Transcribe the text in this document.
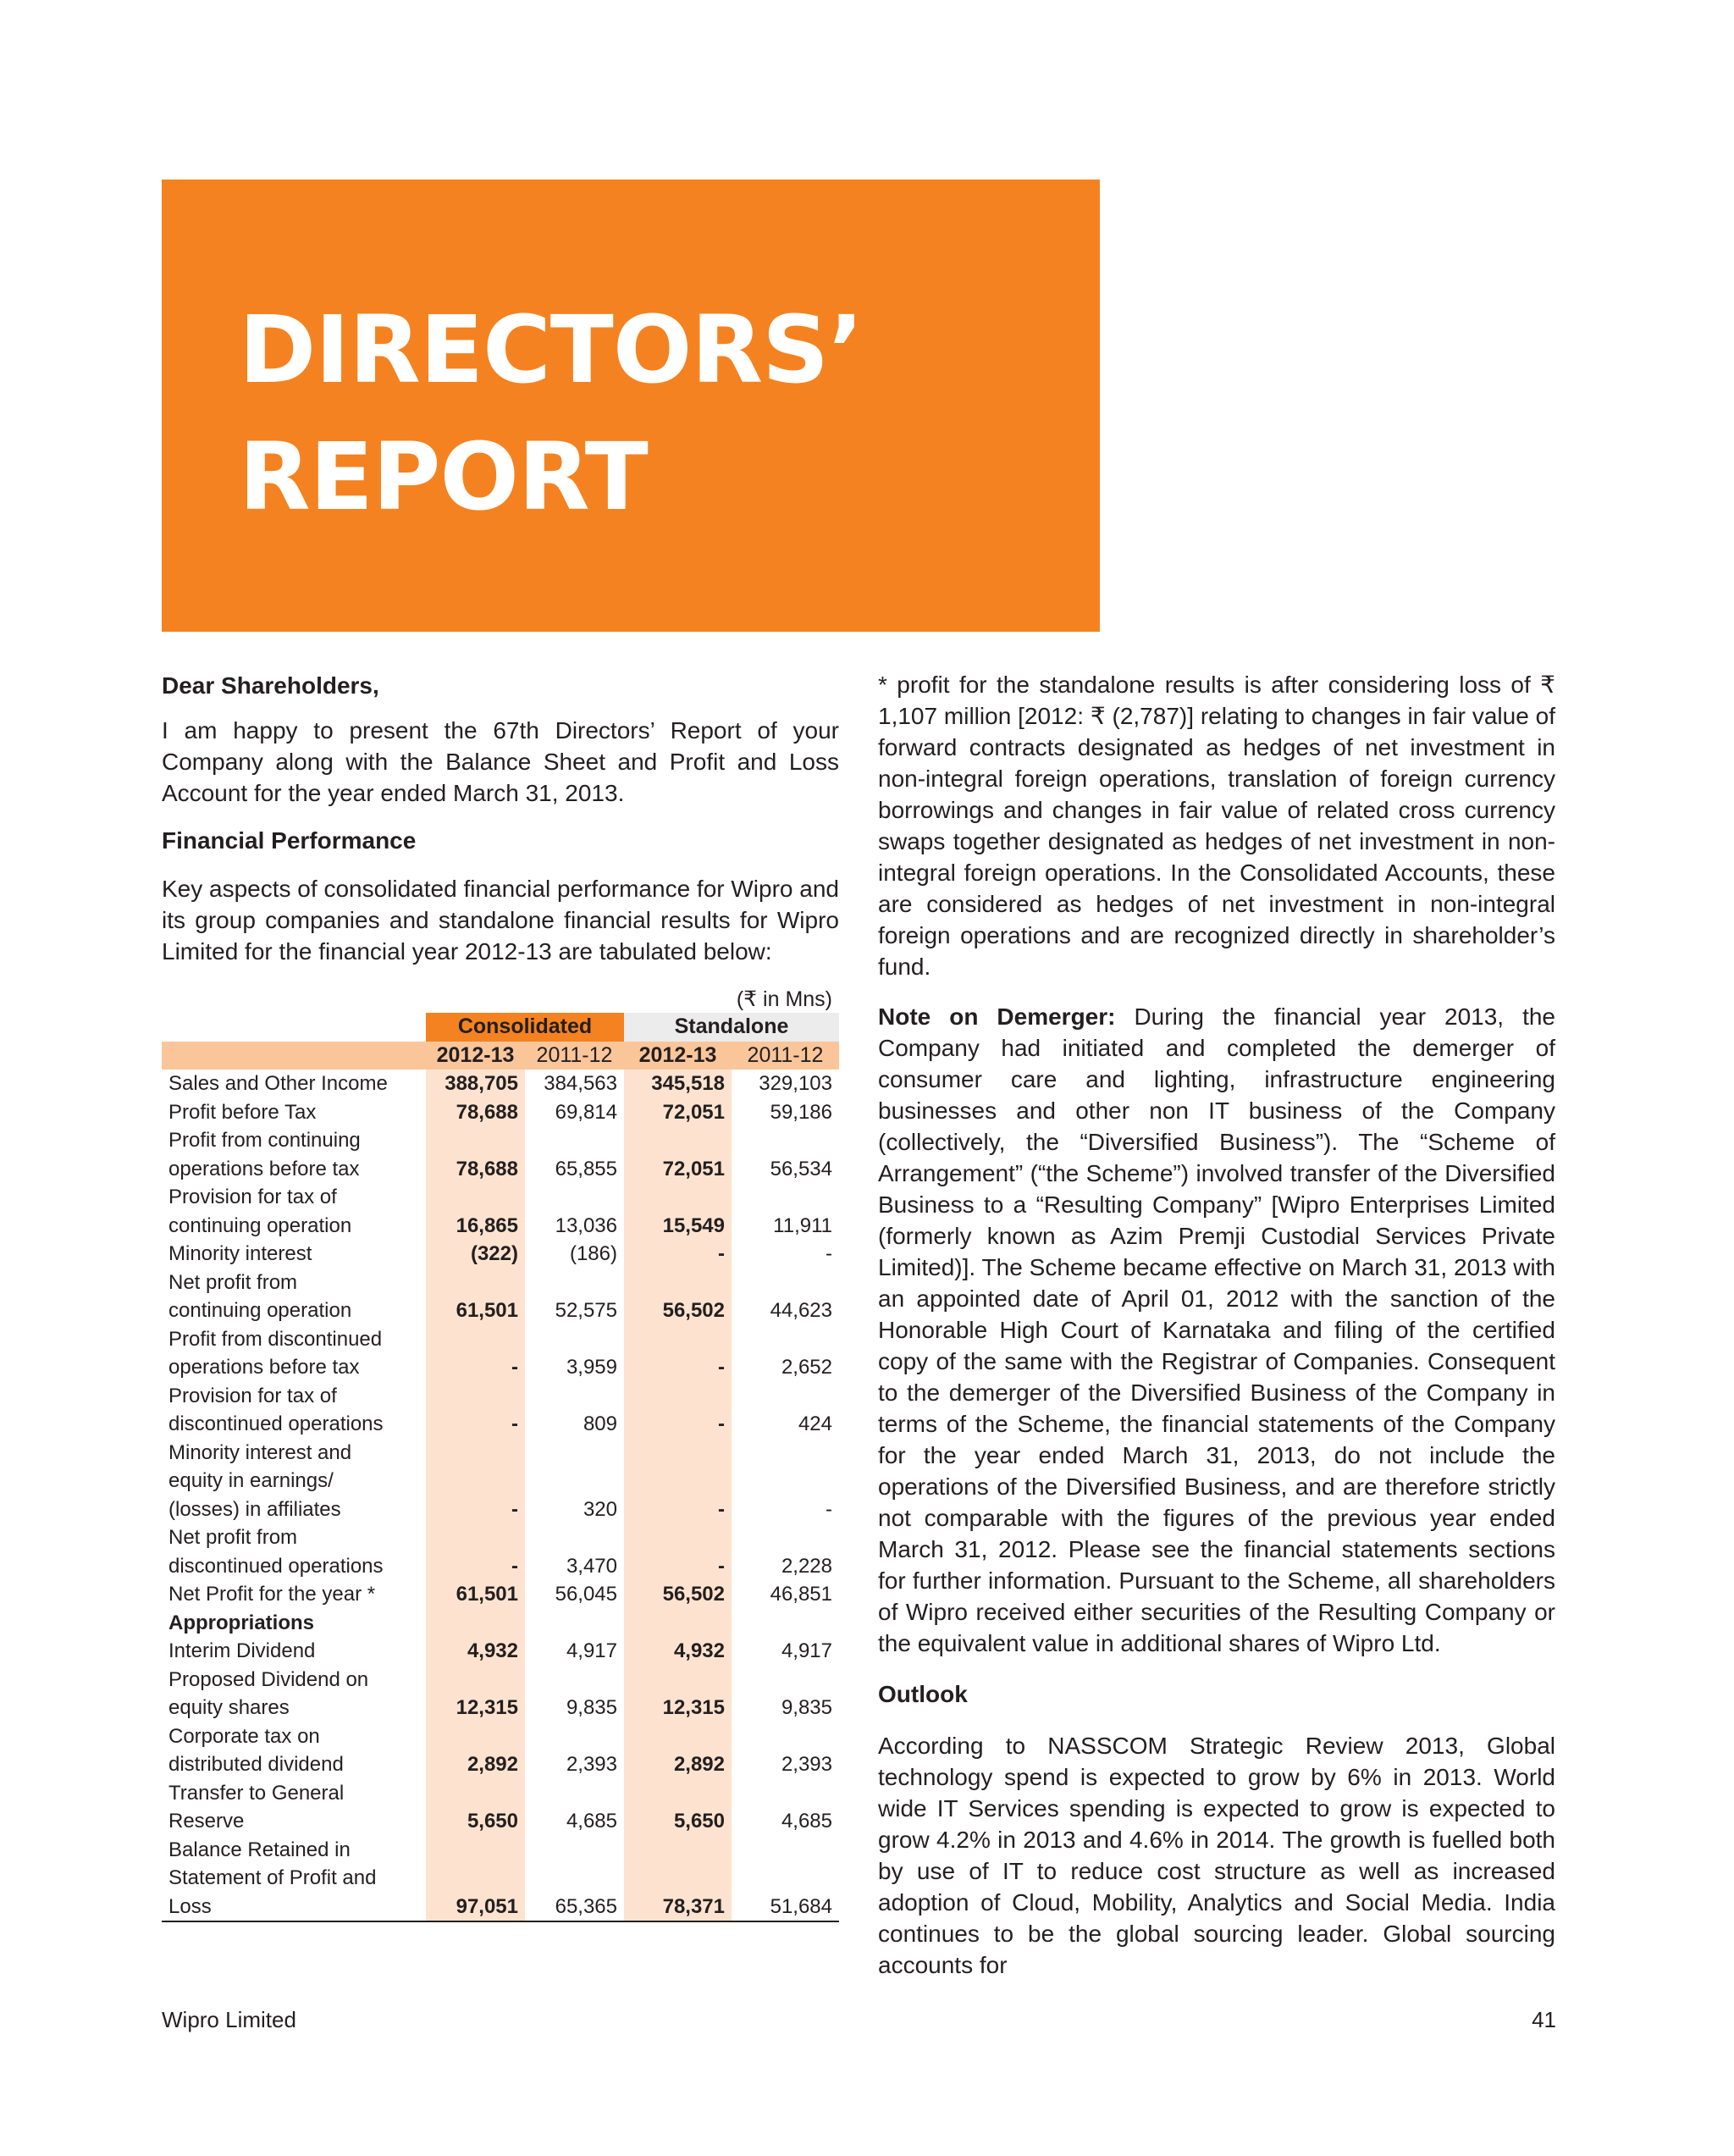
DIRECTORS’
REPORT

Dear Shareholders,

I am happy to present the 67th Directors’ Report of your Company along with the Balance Sheet and Profit and Loss Account for the year ended March 31, 2013.

Financial Performance

Key aspects of consolidated financial performance for Wipro and its group companies and standalone financial results for Wipro Limited for the financial year 2012-13 are tabulated below:

(₹ in Mns)
	Consolidated		Standalone	
	2012-13	2011-12	2012-13	2011-12
Sales and Other Income	388,705	384,563	345,518	329,103
Profit before Tax	78,688	69,814	72,051	59,186
Profit from continuing				
operations before tax	78,688	65,855	72,051	56,534
Provision for tax of				
continuing operation	16,865	13,036	15,549	11,911
Minority interest	(322)	(186)	-	-
Net profit from				
continuing operation	61,501	52,575	56,502	44,623
Profit from discontinued				
operations before tax	-	3,959	-	2,652
Provision for tax of				
discontinued operations	-	809	-	424
Minority interest and				
equity in earnings/				
(losses) in affiliates	-	320	-	-
Net profit from				
discontinued operations	-	3,470	-	2,228
Net Profit for the year *	61,501	56,045	56,502	46,851
Appropriations				
Interim Dividend	4,932	4,917	4,932	4,917
Proposed Dividend on				
equity shares	12,315	9,835	12,315	9,835
Corporate tax on				
distributed dividend	2,892	2,393	2,892	2,393
Transfer to General				
Reserve	5,650	4,685	5,650	4,685
Balance Retained in				
Statement of Profit and				
Loss	97,051	65,365	78,371	51,684

* profit for the standalone results is after considering loss of ₹ 1,107 million [2012: ₹ (2,787)] relating to changes in fair value of forward contracts designated as hedges of net investment in non-integral foreign operations, translation of foreign currency borrowings and changes in fair value of related cross currency swaps together designated as hedges of net investment in non-integral foreign operations. In the Consolidated Accounts, these are considered as hedges of net investment in non-integral foreign operations and are recognized directly in shareholder’s fund.

Note on Demerger: During the financial year 2013, the Company had initiated and completed the demerger of consumer care and lighting, infrastructure engineering businesses and other non IT business of the Company (collectively, the “Diversified Business”). The “Scheme of Arrangement” (“the Scheme”) involved transfer of the Diversified Business to a “Resulting Company” [Wipro Enterprises Limited (formerly known as Azim Premji Custodial Services Private Limited)]. The Scheme became effective on March 31, 2013 with an appointed date of April 01, 2012 with the sanction of the Honorable High Court of Karnataka and filing of the certified copy of the same with the Registrar of Companies. Consequent to the demerger of the Diversified Business of the Company in terms of the Scheme, the financial statements of the Company for the year ended March 31, 2013, do not include the operations of the Diversified Business, and are therefore strictly not comparable with the figures of the previous year ended March 31, 2012. Please see the financial statements sections for further information. Pursuant to the Scheme, all shareholders of Wipro received either securities of the Resulting Company or the equivalent value in additional shares of Wipro Ltd.

Outlook

According to NASSCOM Strategic Review 2013, Global technology spend is expected to grow by 6% in 2013. World wide IT Services spending is expected to grow is expected to grow 4.2% in 2013 and 4.6% in 2014. The growth is fuelled both by use of IT to reduce cost structure as well as increased adoption of Cloud, Mobility, Analytics and Social Media. India continues to be the global sourcing leader. Global sourcing accounts for

Wipro Limited	41
